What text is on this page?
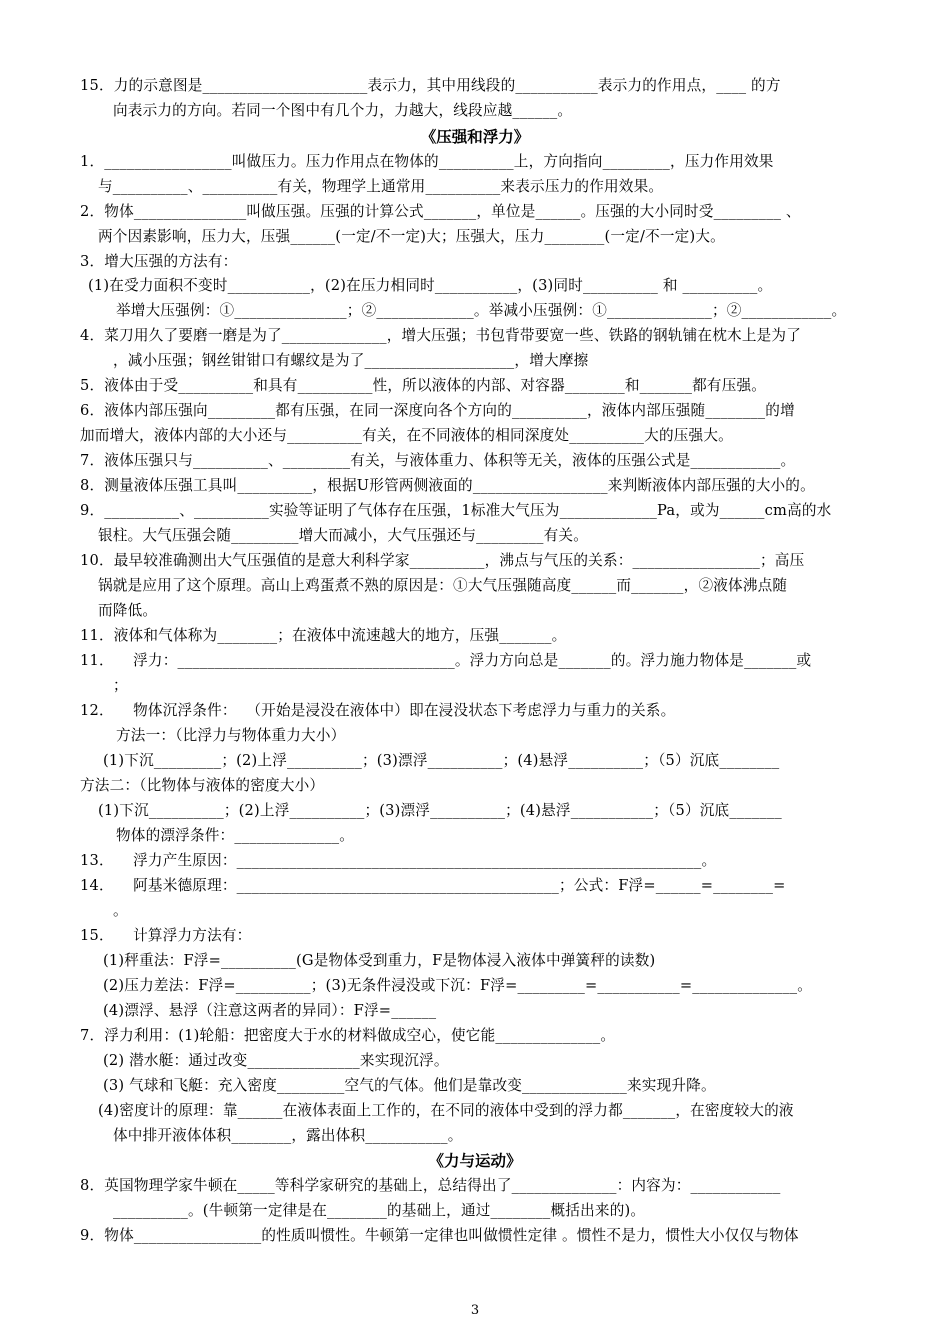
15．力的示意图是______________________表示力，其中用线段的___________表示力的作用点，____ 的方
向表示力的方向。若同一个图中有几个力，力越大，线段应越______。
《压强和浮力》
1．_________________叫做压力。压力作用点在物体的__________上，方向指向_________，压力作用效果
与__________、__________有关，物理学上通常用__________来表示压力的作用效果。
2．物体_______________叫做压强。压强的计算公式_______，单位是______。压强的大小同时受_________ 、
两个因素影响，压力大，压强______(一定/不一定)大；压强大，压力________(一定/不一定)大。
3．增大压强的方法有：
(1)在受力面积不变时___________，(2)在压力相同时___________，(3)同时__________ 和 __________。
举增大压强例：①_______________；②_____________。举减小压强例：①______________；②____________。
4．菜刀用久了要磨一磨是为了______________，增大压强；书包背带要宽一些、铁路的钢轨铺在枕木上是为了
，减小压强；钢丝钳钳口有螺纹是为了____________________，增大摩擦
5．液体由于受__________和具有__________性，所以液体的内部、对容器________和_______都有压强。
6．液体内部压强向_________都有压强，在同一深度向各个方向的__________，液体内部压强随________的增
加而增大，液体内部的大小还与__________有关，在不同液体的相同深度处__________大的压强大。
7．液体压强只与__________、_________有关，与液体重力、体积等无关，液体的压强公式是____________。
8．测量液体压强工具叫__________，根据U形管两侧液面的__________________来判断液体内部压强的大小的。
9．__________、__________实验等证明了气体存在压强，1标准大气压为_____________Pa，或为______cm高的水
银柱。大气压强会随_________增大而减小，大气压强还与_________有关。
10．最早较准确测出大气压强值的是意大利科学家__________，沸点与气压的关系：_________________；高压
锅就是应用了这个原理。高山上鸡蛋煮不熟的原因是：①大气压强随高度______而_______，②液体沸点随
而降低。
11．液体和气体称为________；在液体中流速越大的地方，压强_______。
11．    浮力：_____________________________________。浮力方向总是_______的。浮力施力物体是_______或
；
12．    物体沉浮条件：  （开始是浸没在液体中）即在浸没状态下考虑浮力与重力的关系。
方法一：（比浮力与物体重力大小）
(1)下沉_________；(2)上浮__________；(3)漂浮__________；(4)悬浮__________；（5）沉底________
方法二：（比物体与液体的密度大小）
(1)下沉__________；(2)上浮__________；(3)漂浮__________；(4)悬浮___________；（5）沉底_______
物体的漂浮条件：______________。
13．    浮力产生原因：______________________________________________________________。
14．    阿基米德原理：___________________________________________；公式：F浮=______=________=
。
15．    计算浮力方法有：
(1)秤重法：F浮=__________(G是物体受到重力，F是物体浸入液体中弹簧秤的读数)
(2)压力差法：F浮=__________；(3)无条件浸没或下沉：F浮=_________=___________=______________。
(4)漂浮、悬浮（注意这两者的异同）：F浮=______
7．浮力利用：(1)轮船：把密度大于水的材料做成空心，使它能______________。
(2) 潜水艇：通过改变_______________来实现沉浮。
(3) 气球和飞艇：充入密度_________空气的气体。他们是靠改变______________来实现升降。
(4)密度计的原理：靠______在液体表面上工作的，在不同的液体中受到的浮力都_______，在密度较大的液
体中排开液体体积________，露出体积___________。
《力与运动》
8．英国物理学家牛顿在_____等科学家研究的基础上，总结得出了______________：内容为：____________
__________。(牛顿第一定律是在________的基础上，通过________概括出来的)。
9．物体_________________的性质叫惯性。牛顿第一定律也叫做惯性定律 。惯性不是力，惯性大小仅仅与物体
3
